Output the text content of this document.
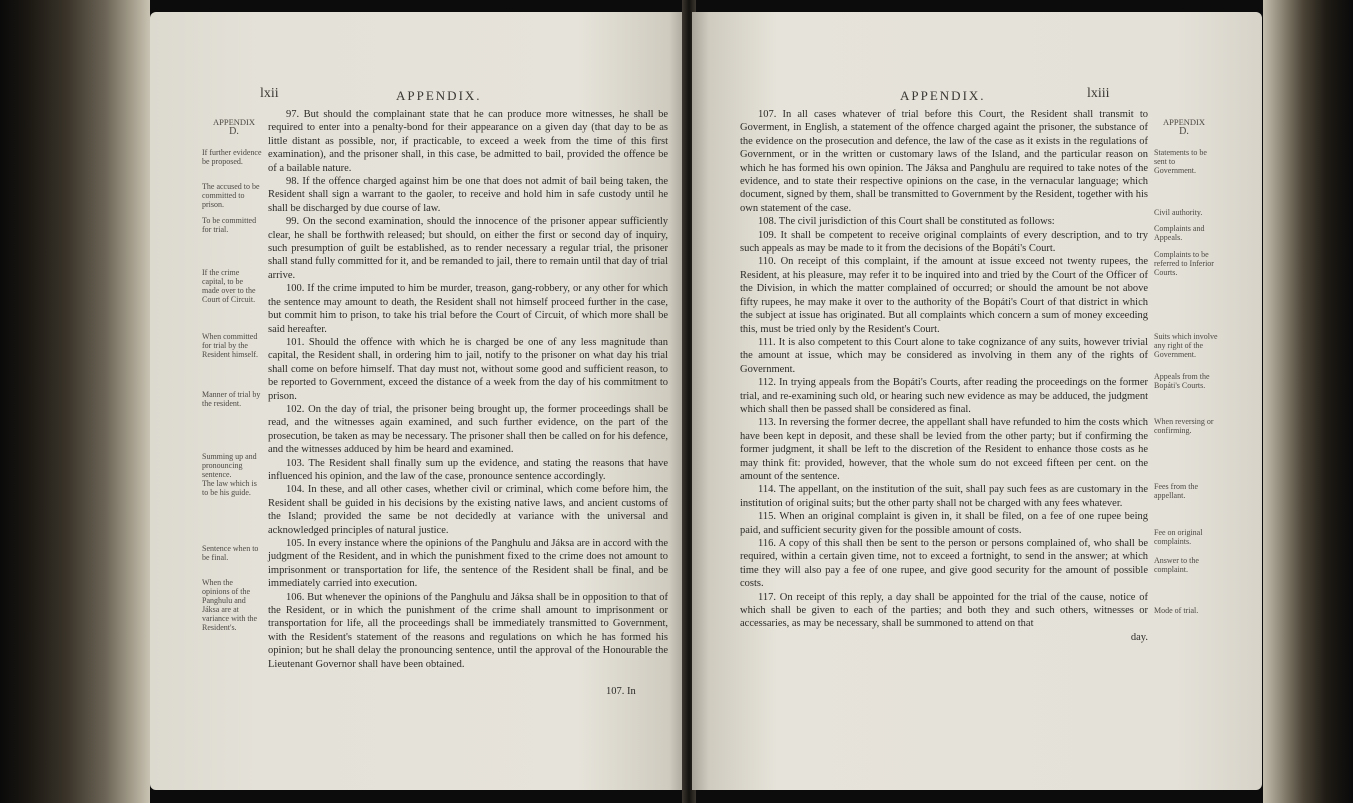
lxii	APPENDIX.
APPENDIX
D.
If further evidence be proposed.
The accused to be committed to prison.
To be committed for trial.
If the crime capital, to be made over to the Court of Circuit.
When committed for trial by the Resident himself.
Manner of trial by the resident.
Summing up and pronouncing sentence.
The law which is to be his guide.
Sentence when to be final.
When the opinions of the Panghulu and Jáksa are at variance with the Resident's.

97. But should the complainant state that he can produce more witnesses, he shall be required to enter into a penalty-bond for their appearance on a given day (that day to be as little distant as possible, nor, if practicable, to exceed a week from the time of this first examination), and the prisoner shall, in this case, be admitted to bail, provided the offence be of a bailable nature.

98. If the offence charged against him be one that does not admit of bail being taken, the Resident shall sign a warrant to the gaoler, to receive and hold him in safe custody until he shall be discharged by due course of law.

99. On the second examination, should the innocence of the prisoner appear sufficiently clear, he shall be forthwith released; but should, on either the first or second day of inquiry, such presumption of guilt be established, as to render necessary a regular trial, the prisoner shall stand fully committed for it, and be remanded to jail, there to remain until that day of trial arrive.

100. If the crime imputed to him be murder, treason, gang-robbery, or any other for which the sentence may amount to death, the Resident shall not himself proceed further in the case, but commit him to prison, to take his trial before the Court of Circuit, of which more shall be said hereafter.

101. Should the offence with which he is charged be one of any less magnitude than capital, the Resident shall, in ordering him to jail, notify to the prisoner on what day his trial shall come on before himself. That day must not, without some good and sufficient reason, to be reported to Government, exceed the distance of a week from the day of his commitment to prison.

102. On the day of trial, the prisoner being brought up, the former proceedings shall be read, and the witnesses again examined, and such further evidence, on the part of the prosecution, be taken as may be necessary. The prisoner shall then be called on for his defence, and the witnesses adduced by him be heard and examined.

103. The Resident shall finally sum up the evidence, and stating the reasons that have influenced his opinion, and the law of the case, pronounce sentence accordingly.

104. In these, and all other cases, whether civil or criminal, which come before him, the Resident shall be guided in his decisions by the existing native laws, and ancient customs of the Island; provided the same be not decidedly at variance with the universal and acknowledged principles of natural justice.

105. In every instance where the opinions of the Panghulu and Jáksa are in accord with the judgment of the Resident, and in which the punishment fixed to the crime does not amount to imprisonment or transportation for life, the sentence of the Resident shall be final, and be immediately carried into execution.

106. But whenever the opinions of the Panghulu and Jáksa shall be in opposition to that of the Resident, or in which the punishment of the crime shall amount to imprisonment or transportation for life, all the proceedings shall be immediately transmitted to Government, with the Resident's statement of the reasons and regulations on which he has formed his opinion; but he shall delay the pronouncing sentence, until the approval of the Honourable the Lieutenant Governor shall have been obtained.

107. In
APPENDIX.	lxiii
APPENDIX
D.
Statements to be sent to Government.
Civil authority.
Complaints and Appeals.
Complaints to be referred to Inferior Courts.
Suits which involve any right of the Government.
Appeals from the Bopáti's Courts.
When reversing or confirming.
Fees from the appellant.
Fee on original complaints.
Answer to the complaint.
Mode of trial.

107. In all cases whatever of trial before this Court, the Resident shall transmit to Goverment, in English, a statement of the offence charged againt the prisoner, the substance of the evidence on the prosecution and defence, the law of the case as it exists in the regulations of Government, or in the written or customary laws of the Island, and the particular reason on which he has formed his own opinion. The Jáksa and Panghulu are required to take notes of the evidence, and to state their respective opinions on the case, in the vernacular language; which document, signed by them, shall be transmitted to Government by the Resident, together with his own statement of the case.

108. The civil jurisdiction of this Court shall be constituted as follows:

109. It shall be competent to receive original complaints of every description, and to try such appeals as may be made to it from the decisions of the Bopáti's Court.

110. On receipt of this complaint, if the amount at issue exceed not twenty rupees, the Resident, at his pleasure, may refer it to be inquired into and tried by the Court of the Officer of the Division, in which the matter complained of occurred; or should the amount be not above fifty rupees, he may make it over to the authority of the Bopáti's Court of that district in which the subject at issue has originated. But all complaints which concern a sum of money exceeding this, must be tried only by the Resident's Court.

111. It is also competent to this Court alone to take cognizance of any suits, however trivial the amount at issue, which may be considered as involving in them any of the rights of Government.

112. In trying appeals from the Bopáti's Courts, after reading the proceedings on the former trial, and re-examining such old, or hearing such new evidence as may be adduced, the judgment which shall then be passed shall be considered as final.

113. In reversing the former decree, the appellant shall have refunded to him the costs which have been kept in deposit, and these shall be levied from the other party; but if confirming the former judgment, it shall be left to the discretion of the Resident to enhance those costs as he may think fit: provided, however, that the whole sum do not exceed fifteen per cent. on the amount of the sentence.

114. The appellant, on the institution of the suit, shall pay such fees as are customary in the institution of original suits; but the other party shall not be charged with any fees whatever.

115. When an original complaint is given in, it shall be filed, on a fee of one rupee being paid, and sufficient security given for the possible amount of costs.

116. A copy of this shall then be sent to the person or persons complained of, who shall be required, within a certain given time, not to exceed a fortnight, to send in the answer; at which time they will also pay a fee of one rupee, and give good security for the amount of possible costs.

117. On receipt of this reply, a day shall be appointed for the trial of the cause, notice of which shall be given to each of the parties; and both they and such others, witnesses or accessaries, as may be necessary, shall be summoned to attend on that

day.
